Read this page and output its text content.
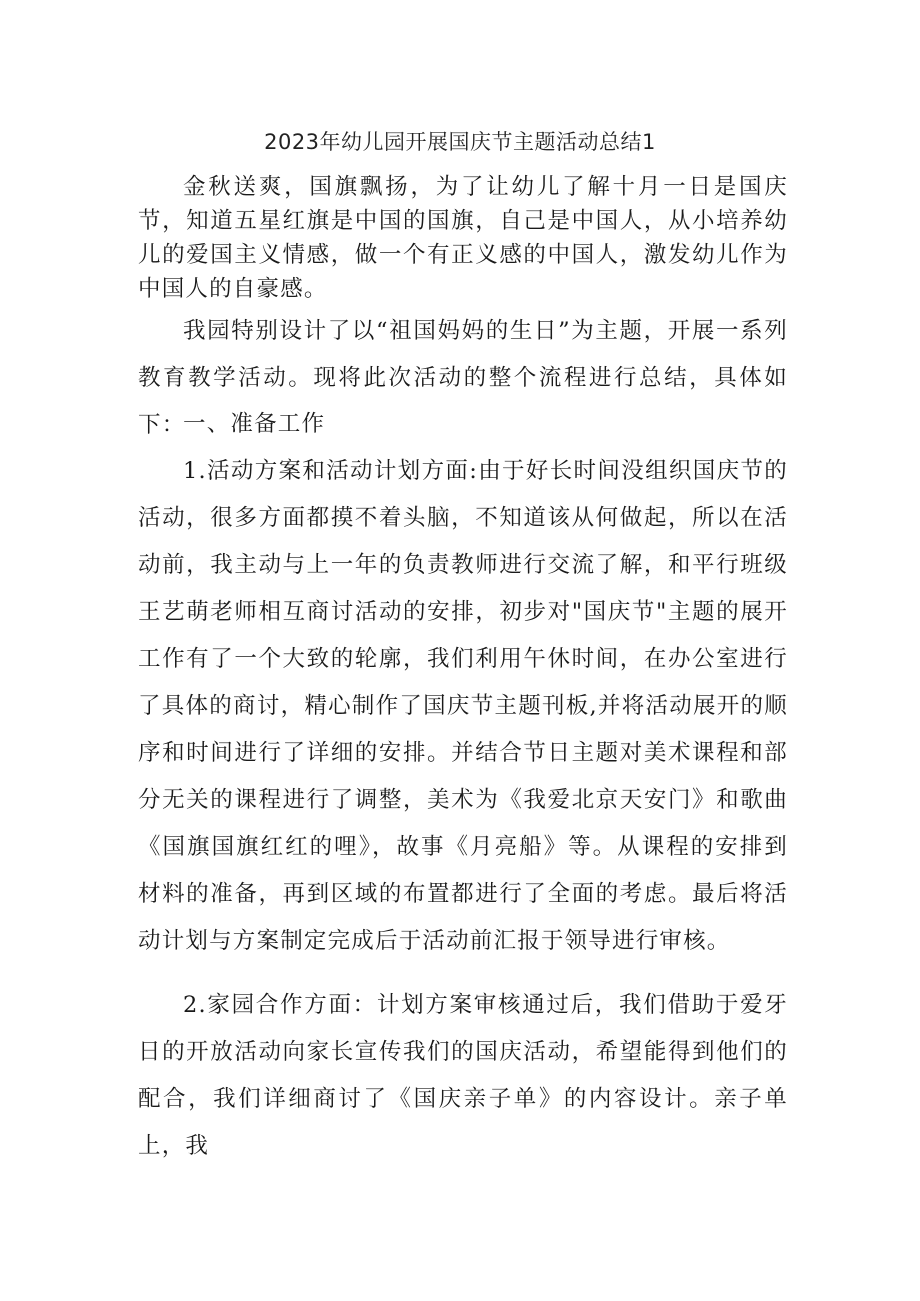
2023年幼儿园开展国庆节主题活动总结1

金秋送爽，国旗飘扬，为了让幼儿了解十月一日是国庆节，知道五星红旗是中国的国旗，自己是中国人，从小培养幼儿的爱国主义情感，做一个有正义感的中国人，激发幼儿作为中国人的自豪感。

我园特别设计了以“祖国妈妈的生日”为主题，开展一系列教育教学活动。现将此次活动的整个流程进行总结，具体如下：

一、准备工作

1.活动方案和活动计划方面:由于好长时间没组织国庆节的活动，很多方面都摸不着头脑，不知道该从何做起，所以在活动前，我主动与上一年的负责教师进行交流了解，和平行班级王艺萌老师相互商讨活动的安排，初步对"国庆节"主题的展开工作有了一个大致的轮廓，我们利用午休时间，在办公室进行了具体的商讨，精心制作了国庆节主题刊板,并将活动展开的顺序和时间进行了详细的安排。并结合节日主题对美术课程和部分无关的课程进行了调整，美术为《我爱北京天安门》和歌曲《国旗国旗红红的哩》，故事《月亮船》等。从课程的安排到材料的准备，再到区域的布置都进行了全面的考虑。最后将活动计划与方案制定完成后于活动前汇报于领导进行审核。

2.家园合作方面：计划方案审核通过后，我们借助于爱牙日的开放活动向家长宣传我们的国庆活动，希望能得到他们的配合，我们详细商讨了《国庆亲子单》的内容设计。亲子单上，我
